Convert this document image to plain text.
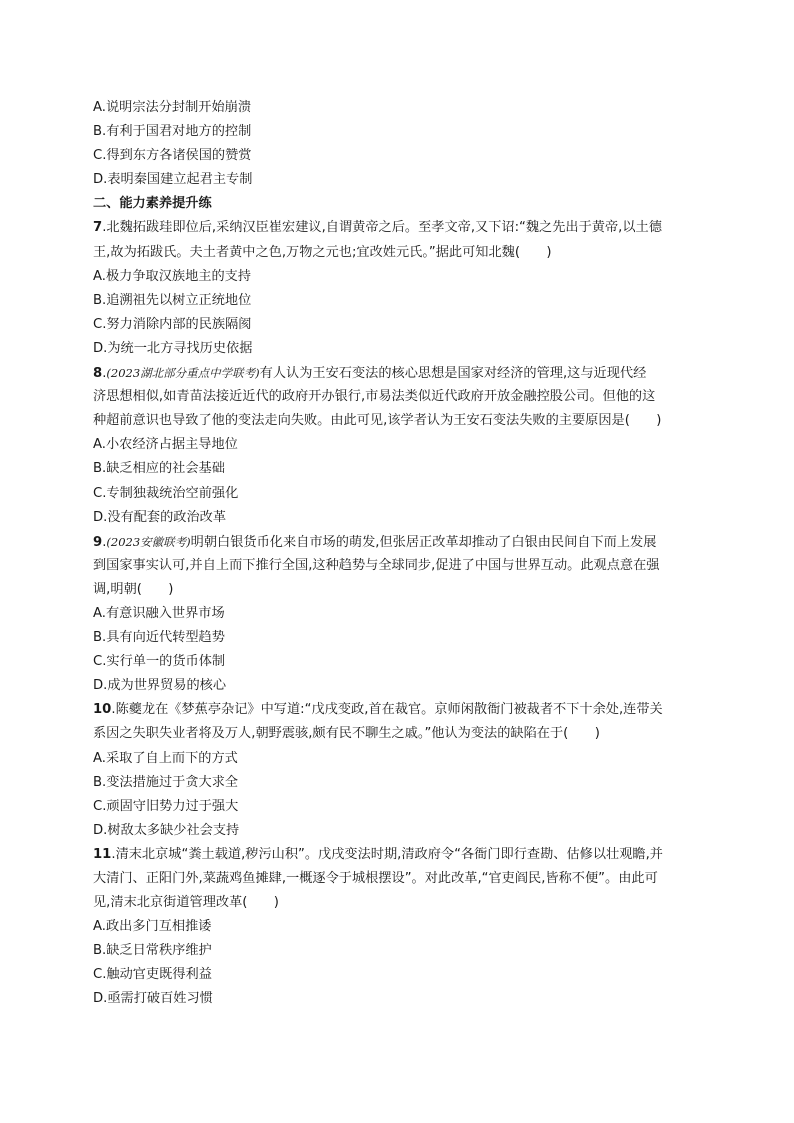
A.说明宗法分封制开始崩溃
B.有利于国君对地方的控制
C.得到东方各诸侯国的赞赏
D.表明秦国建立起君主专制
二、能力素养提升练
7.北魏拓跋珪即位后,采纳汉臣崔宏建议,自谓黄帝之后。至孝文帝,又下诏:“魏之先出于黄帝,以土德
王,故为拓跋氏。夫土者黄中之色,万物之元也;宜改姓元氏。”据此可知北魏(　　)
A.极力争取汉族地主的支持
B.追溯祖先以树立正统地位
C.努力消除内部的民族隔阂
D.为统一北方寻找历史依据
8.(2023湖北部分重点中学联考)有人认为王安石变法的核心思想是国家对经济的管理,这与近现代经
济思想相似,如青苗法接近近代的政府开办银行,市易法类似近代政府开放金融控股公司。但他的这
种超前意识也导致了他的变法走向失败。由此可见,该学者认为王安石变法失败的主要原因是(　　)
A.小农经济占据主导地位
B.缺乏相应的社会基础
C.专制独裁统治空前强化
D.没有配套的政治改革
9.(2023安徽联考)明朝白银货币化来自市场的萌发,但张居正改革却推动了白银由民间自下而上发展
到国家事实认可,并自上而下推行全国,这种趋势与全球同步,促进了中国与世界互动。此观点意在强
调,明朝(　　)
A.有意识融入世界市场
B.具有向近代转型趋势
C.实行单一的货币体制
D.成为世界贸易的核心
10.陈夔龙在《梦蕉亭杂记》中写道:“戊戌变政,首在裁官。京师闲散衙门被裁者不下十余处,连带关
系因之失职失业者将及万人,朝野震骇,颇有民不聊生之戚。”他认为变法的缺陷在于(　　)
A.采取了自上而下的方式
B.变法措施过于贪大求全
C.顽固守旧势力过于强大
D.树敌太多缺少社会支持
11.清末北京城“粪土载道,秽污山积”。戊戌变法时期,清政府令“各衙门即行查勘、估修以壮观瞻,并
大清门、正阳门外,菜蔬鸡鱼摊肆,一概逐令于城根摆设”。对此改革,“官吏阎民,皆称不便”。由此可
见,清末北京街道管理改革(　　)
A.政出多门互相推诿
B.缺乏日常秩序维护
C.触动官吏既得利益
D.亟需打破百姓习惯
